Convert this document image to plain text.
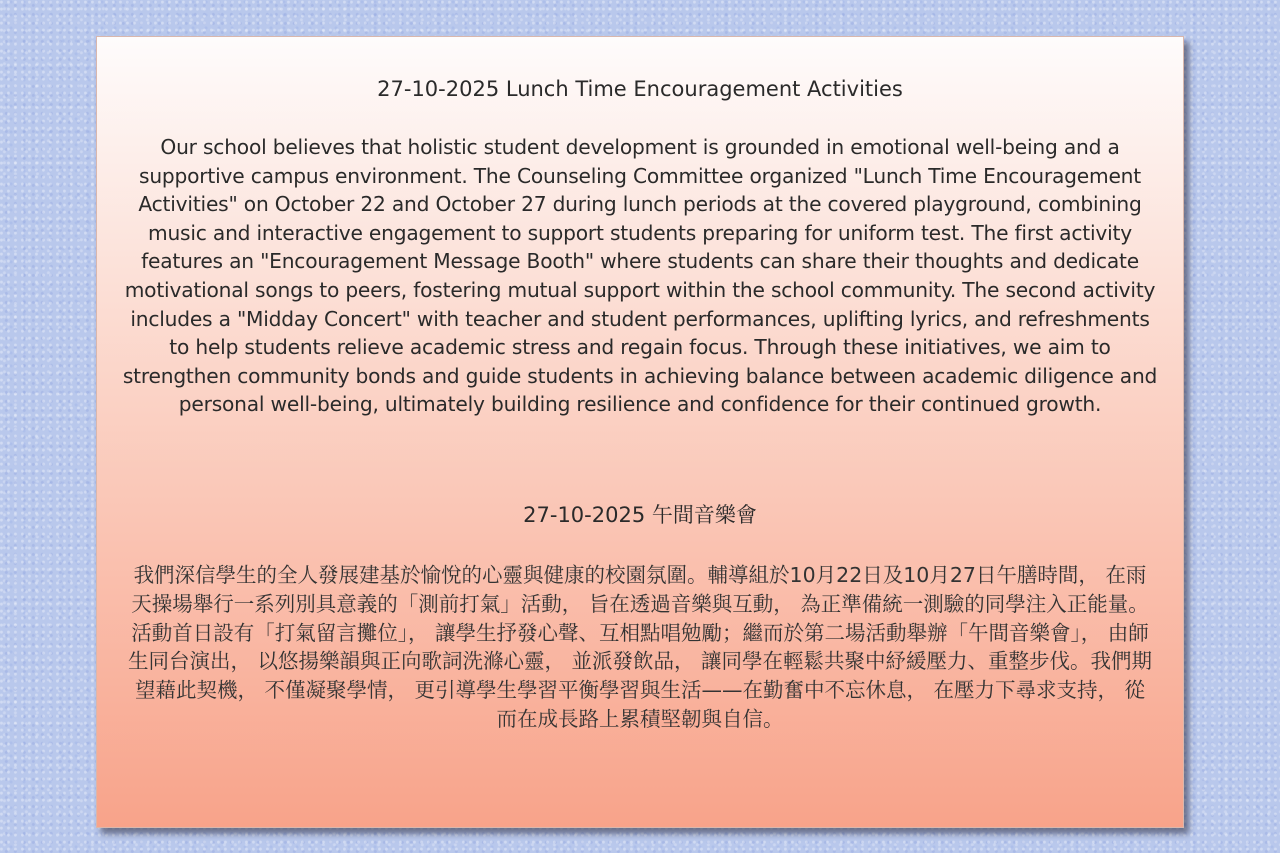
27-10-2025 Lunch Time Encouragement Activities
Our school believes that holistic student development is grounded in emotional well-being and a supportive campus environment. The Counseling Committee organized "Lunch Time Encouragement Activities" on October 22 and October 27 during lunch periods at the covered playground, combining music and interactive engagement to support students preparing for uniform test. The first activity features an "Encouragement Message Booth" where students can share their thoughts and dedicate motivational songs to peers, fostering mutual support within the school community. The second activity includes a "Midday Concert" with teacher and student performances, uplifting lyrics, and refreshments to help students relieve academic stress and regain focus. Through these initiatives, we aim to strengthen community bonds and guide students in achieving balance between academic diligence and personal well-being, ultimately building resilience and confidence for their continued growth.
27-10-2025 午間音樂會
我們深信學生的全人發展建基於愉悅的心靈與健康的校園氛圍。輔導組於10月22日及10月27日午膳時間， 在雨天操場舉行一系列別具意義的「測前打氣」活動， 旨在透過音樂與互動， 為正準備統一測驗的同學注入正能量。活動首日設有「打氣留言攤位」， 讓學生抒發心聲、互相點唱勉勵；繼而於第二場活動舉辦「午間音樂會」， 由師生同台演出， 以悠揚樂韻與正向歌詞洗滌心靈， 並派發飲品， 讓同學在輕鬆共聚中紓緩壓力、重整步伐。我們期望藉此契機， 不僅凝聚學情， 更引導學生學習平衡學習與生活——在勤奮中不忘休息， 在壓力下尋求支持， 從而在成長路上累積堅韌與自信。
